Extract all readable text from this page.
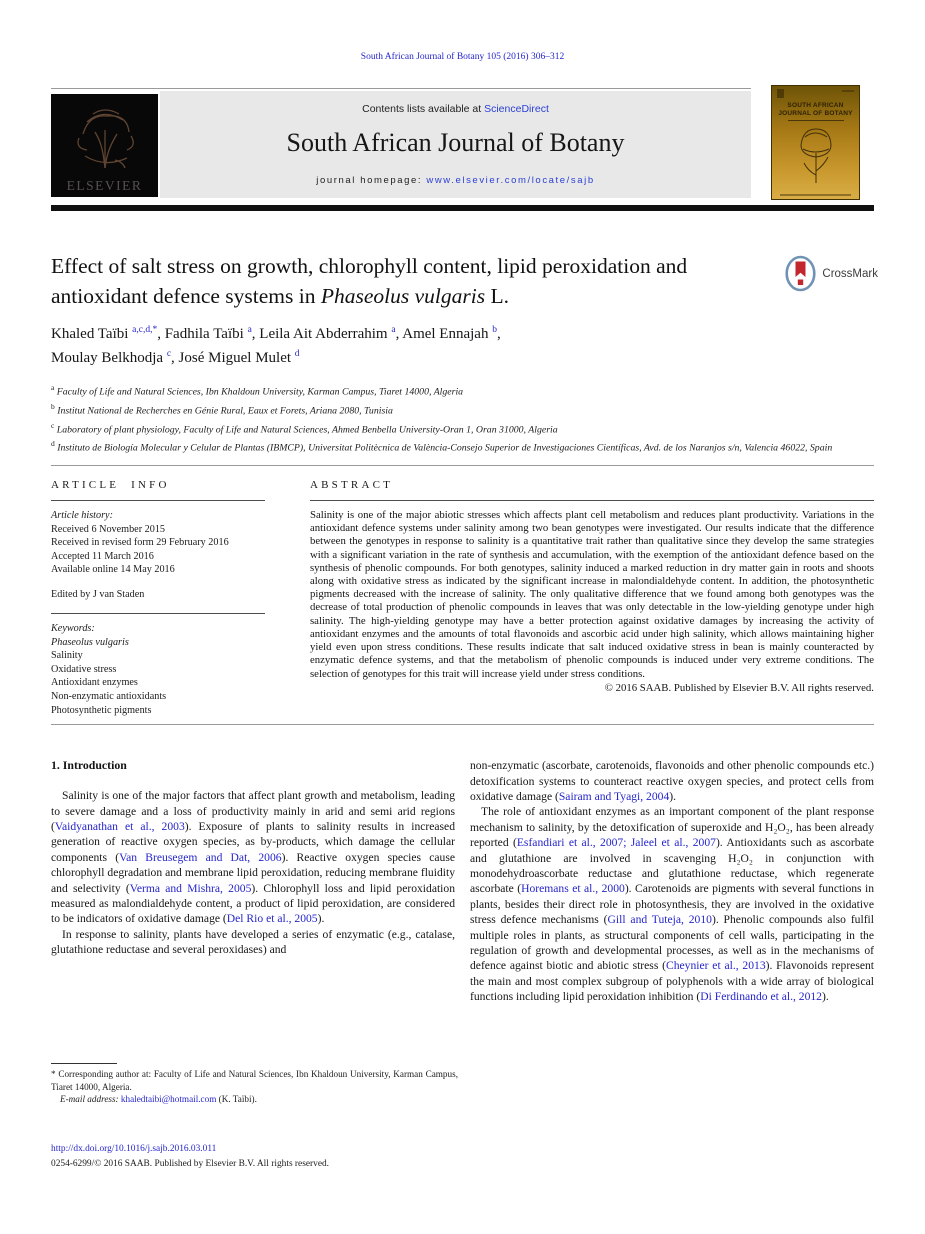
South African Journal of Botany 105 (2016) 306–312
ELSEVIER
Contents lists available at ScienceDirect
South African Journal of Botany
journal homepage: www.elsevier.com/locate/sajb
SOUTH AFRICAN JOURNAL OF BOTANY
Effect of salt stress on growth, chlorophyll content, lipid peroxidation and antioxidant defence systems in Phaseolus vulgaris L.
CrossMark
Khaled Taïbi $^{a,c,d,*}$, Fadhila Taïbi $^a$, Leila Ait Abderrahim $^a$, Amel Ennajah $^b$,
Moulay Belkhodja $^c$, José Miguel Mulet $^d$
$^a$ Faculty of Life and Natural Sciences, Ibn Khaldoun University, Karman Campus, Tiaret 14000, Algeria
$^b$ Institut National de Recherches en Génie Rural, Eaux et Forets, Ariana 2080, Tunisia
$^c$ Laboratory of plant physiology, Faculty of Life and Natural Sciences, Ahmed Benbella University-Oran 1, Oran 31000, Algeria
$^d$ Instituto de Biología Molecular y Celular de Plantas (IBMCP), Universitat Politècnica de València-Consejo Superior de Investigaciones Científicas, Avd. de los Naranjos s/n, Valencia 46022, Spain
ARTICLE INFO
Article history:
Received 6 November 2015
Received in revised form 29 February 2016
Accepted 11 March 2016
Available online 14 May 2016
Edited by J van Staden
Keywords:
Phaseolus vulgaris
Salinity
Oxidative stress
Antioxidant enzymes
Non-enzymatic antioxidants
Photosynthetic pigments
ABSTRACT

Salinity is one of the major abiotic stresses which affects plant cell metabolism and reduces plant productivity. Variations in the antioxidant defence systems under salinity among two bean genotypes were investigated. Our results indicate that the difference between the genotypes in response to salinity is a quantitative trait rather than qualitative since they develop the same strategies with a significant variation in the rate of synthesis and accumulation, with the exemption of the antioxidant defence based on the synthesis of phenolic compounds. For both genotypes, salinity induced a marked reduction in dry matter gain in roots and shoots along with oxidative stress as indicated by the significant increase in malondialdehyde content. In addition, the photosynthetic pigments decreased with the increase of salinity. The only qualitative difference that we found among both genotypes was the decrease of total production of phenolic compounds in leaves that was only detectable in the low-yielding genotype under high salinity. The high-yielding genotype may have a better protection against oxidative damages by increasing the activity of antioxidant enzymes and the amounts of total flavonoids and ascorbic acid under high salinity, which allows maintaining higher yield even upon stress conditions. These results indicate that salt induced oxidative stress in bean is mainly counteracted by enzymatic defence systems, and that the metabolism of phenolic compounds is induced under very extreme conditions. The selection of genotypes for this trait will increase yield under stress conditions.

© 2016 SAAB. Published by Elsevier B.V. All rights reserved.
1. Introduction

Salinity is one of the major factors that affect plant growth and metabolism, leading to severe damage and a loss of productivity mainly in arid and semi arid regions (Vaidyanathan et al., 2003). Exposure of plants to salinity results in increased generation of reactive oxygen species, as by-products, which damage the cellular components (Van Breusegem and Dat, 2006). Reactive oxygen species cause chlorophyll degradation and membrane lipid peroxidation, reducing membrane fluidity and selectivity (Verma and Mishra, 2005). Chlorophyll loss and lipid peroxidation measured as malondialdehyde content, a product of lipid peroxidation, are considered to be indicators of oxidative damage (Del Rio et al., 2005).

In response to salinity, plants have developed a series of enzymatic (e.g., catalase, glutathione reductase and several peroxidases) and

non-enzymatic (ascorbate, carotenoids, flavonoids and other phenolic compounds etc.) detoxification systems to counteract reactive oxygen species, and protect cells from oxidative damage (Sairam and Tyagi, 2004).

The role of antioxidant enzymes as an important component of the plant response mechanism to salinity, by the detoxification of superoxide and H₂O₂, has been already reported (Esfandiari et al., 2007; Jaleel et al., 2007). Antioxidants such as ascorbate and glutathione are involved in scavenging H₂O₂ in conjunction with monodehydroascorbate reductase and glutathione reductase, which regenerate ascorbate (Horemans et al., 2000). Carotenoids are pigments with several functions in plants, besides their direct role in photosynthesis, they are involved in the oxidative stress defence mechanisms (Gill and Tuteja, 2010). Phenolic compounds also fulfil multiple roles in plants, as structural components of cell walls, participating in the regulation of growth and developmental processes, as well as in the mechanisms of defence against biotic and abiotic stress (Cheynier et al., 2013). Flavonoids represent the main and most complex subgroup of polyphenols with a wide array of biological functions including lipid peroxidation inhibition (Di Ferdinando et al., 2012).

* Corresponding author at: Faculty of Life and Natural Sciences, Ibn Khaldoun University, Karman Campus, Tiaret 14000, Algeria.

E-mail address: khaledtaibi@hotmail.com (K. Taïbi).

http://dx.doi.org/10.1016/j.sajb.2016.03.011
0254-6299/© 2016 SAAB. Published by Elsevier B.V. All rights reserved.
